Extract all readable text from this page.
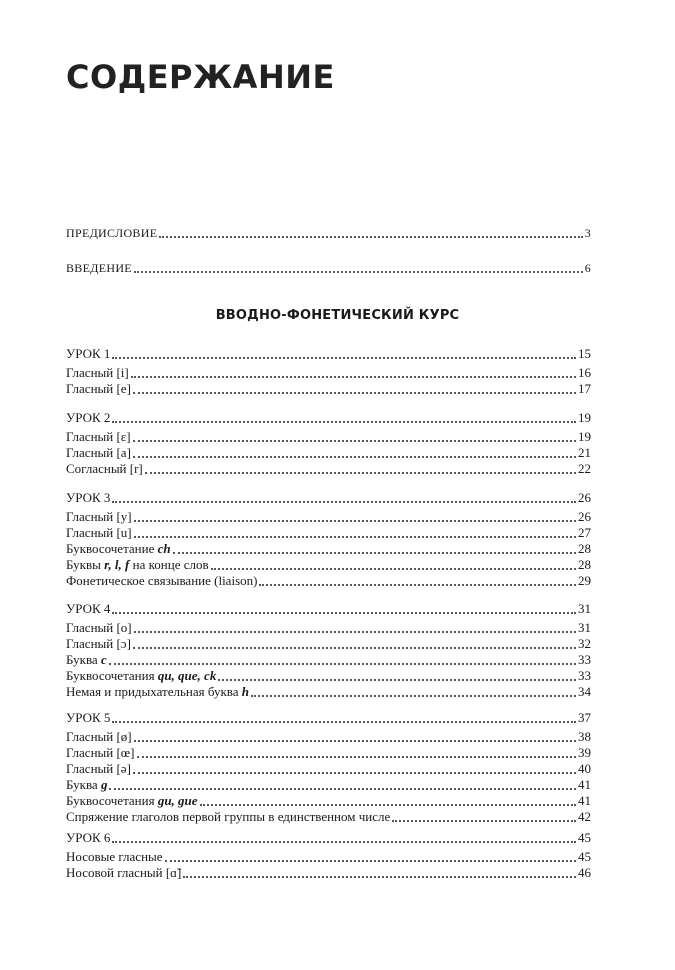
СОДЕРЖАНИЕ
ПРЕДИСЛОВИЕ	3
ВВЕДЕНИЕ	6
ВВОДНО-ФОНЕТИЧЕСКИЙ КУРС
УРОК 1	15
Гласный [i]	16
Гласный [e]	17
УРОК 2	19
Гласный [ɛ]	19
Гласный [a]	21
Согласный [r]	22
УРОК 3	26
Гласный [y]	26
Гласный [u]	27
Буквосочетание ch	28
Буквы r, l, f на конце слов	28
Фонетическое связывание (liaison)	29
УРОК 4	31
Гласный [o]	31
Гласный [ɔ]	32
Буква c	33
Буквосочетания qu, que, ck	33
Немая и придыхательная буква h	34
УРОК 5	37
Гласный [ø]	38
Гласный [œ]	39
Гласный [ə]	40
Буква g	41
Буквосочетания gu, gue	41
Спряжение глаголов первой группы в единственном числе	42
УРОК 6	45
Носовые гласные	45
Носовой гласный [ɑ̃]	46
